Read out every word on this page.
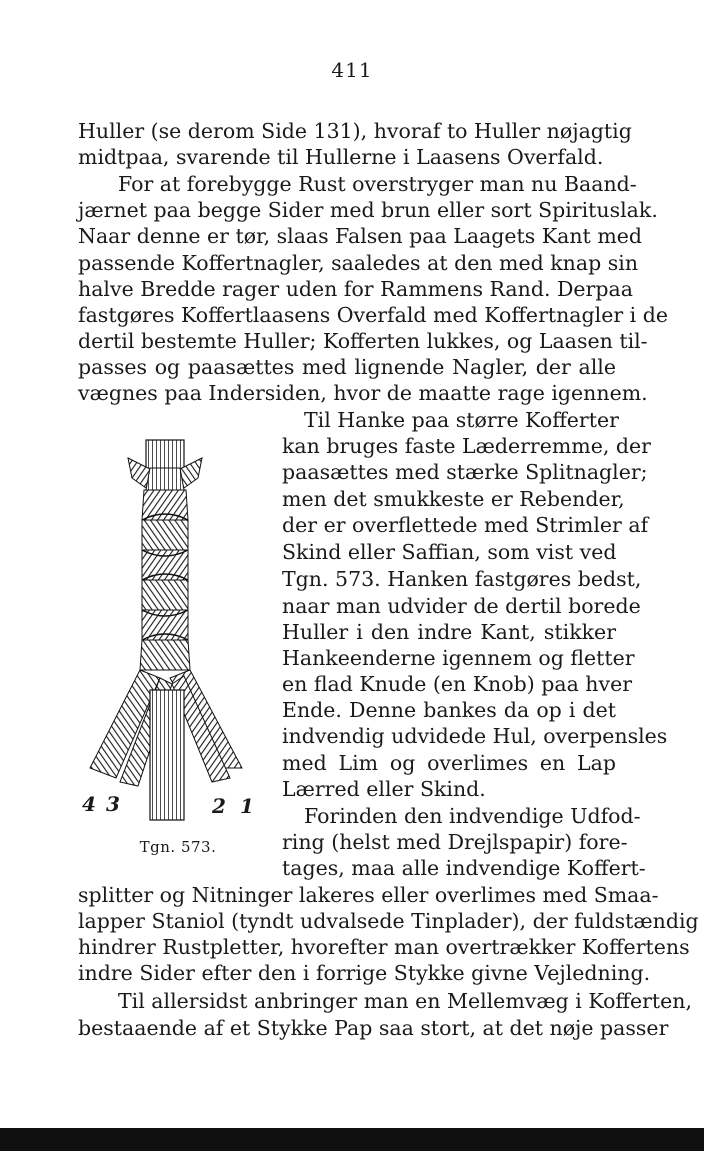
411
Huller (se derom Side 131), hvoraf to Huller nøjagtig
midtpaa, svarende til Hullerne i Laasens Overfald.
For at forebygge Rust overstryger man nu Baand-
jærnet paa begge Sider med brun eller sort Spirituslak.
Naar denne er tør, slaas Falsen paa Laagets Kant med
passende Koffertnagler, saaledes at den med knap sin
halve Bredde rager uden for Rammens Rand. Derpaa
fastgøres Koffertlaasens Overfald med Koffertnagler i de
dertil bestemte Huller; Kofferten lukkes, og Laasen til-
passes og paasættes med lignende Nagler, der alle
vægnes paa Indersiden, hvor de maatte rage igennem.
Til Hanke paa større Kofferter
kan bruges faste Læderremme, der
paasættes med stærke Splitnagler;
men det smukkeste er Rebender,
der er overflettede med Strimler af
Skind eller Saffian, som vist ved
Tgn. 573. Hanken fastgøres bedst,
naar man udvider de dertil borede
Huller i den indre Kant, stikker
Hankeenderne igennem og fletter
en flad Knude (en Knob) paa hver
Ende. Denne bankes da op i det
indvendig udvidede Hul, overpensles
med Lim og overlimes en Lap
Lærred eller Skind.
Forinden den indvendige Udfod-
ring (helst med Drejlspapir) fore-
tages, maa alle indvendige Koffert-
splitter og Nitninger lakeres eller overlimes med Smaa-
lapper Staniol (tyndt udvalsede Tinplader), der fuldstændig
hindrer Rustpletter, hvorefter man overtrækker Koffertens
indre Sider efter den i forrige Stykke givne Vejledning.
Til allersidst anbringer man en Mellemvæg i Kofferten,
bestaaende af et Stykke Pap saa stort, at det nøje passer
4 3	2 1
Tgn. 573.
